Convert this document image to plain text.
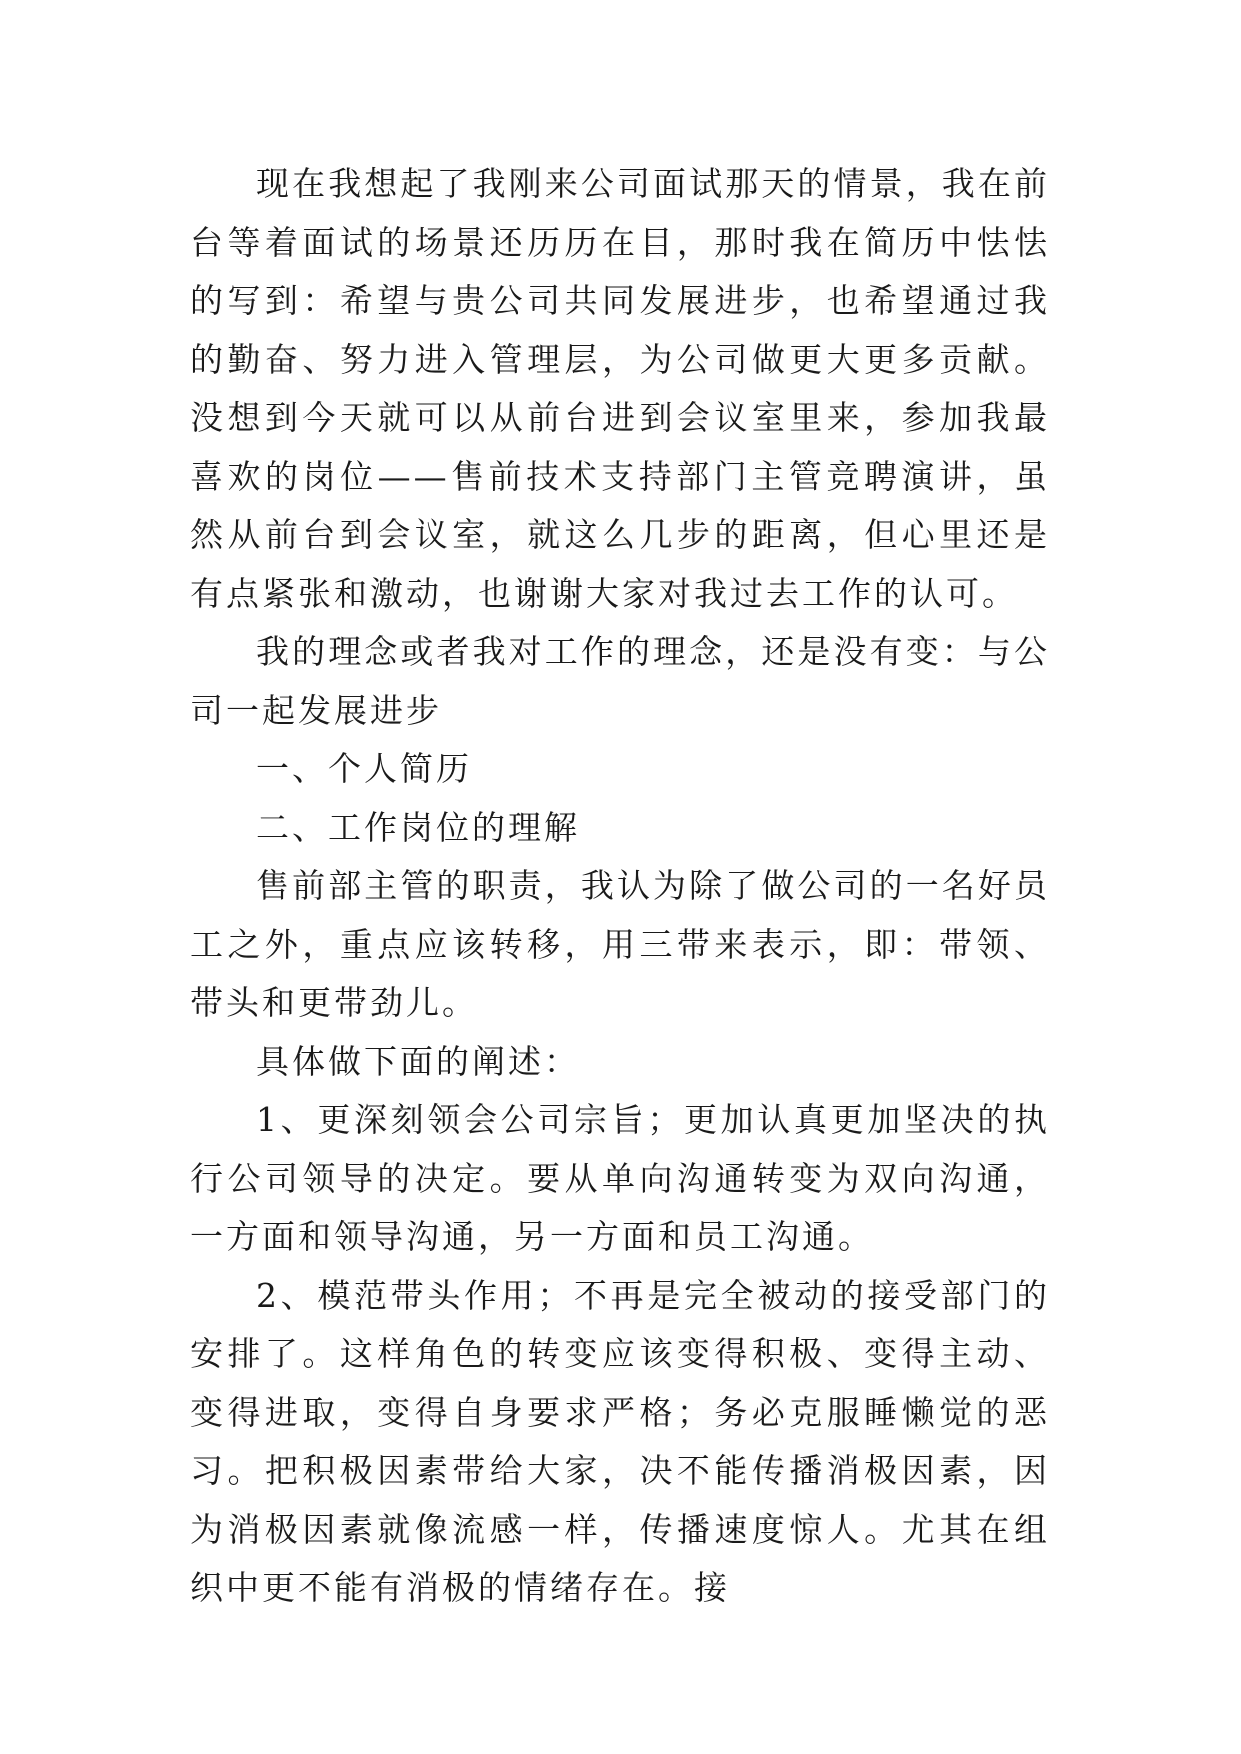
现在我想起了我刚来公司面试那天的情景，我在前台等着面试的场景还历历在目，那时我在简历中怯怯的写到：希望与贵公司共同发展进步，也希望通过我的勤奋、努力进入管理层，为公司做更大更多贡献。没想到今天就可以从前台进到会议室里来，参加我最喜欢的岗位——售前技术支持部门主管竞聘演讲，虽然从前台到会议室，就这么几步的距离，但心里还是有点紧张和激动，也谢谢大家对我过去工作的认可。

我的理念或者我对工作的理念，还是没有变：与公司一起发展进步

一、个人简历

二、工作岗位的理解

售前部主管的职责，我认为除了做公司的一名好员工之外，重点应该转移，用三带来表示，即：带领、带头和更带劲儿。

具体做下面的阐述：

1、更深刻领会公司宗旨；更加认真更加坚决的执行公司领导的决定。要从单向沟通转变为双向沟通，一方面和领导沟通，另一方面和员工沟通。

2、模范带头作用；不再是完全被动的接受部门的安排了。这样角色的转变应该变得积极、变得主动、变得进取，变得自身要求严格；务必克服睡懒觉的恶习。把积极因素带给大家，决不能传播消极因素，因为消极因素就像流感一样，传播速度惊人。尤其在组织中更不能有消极的情绪存在。接
